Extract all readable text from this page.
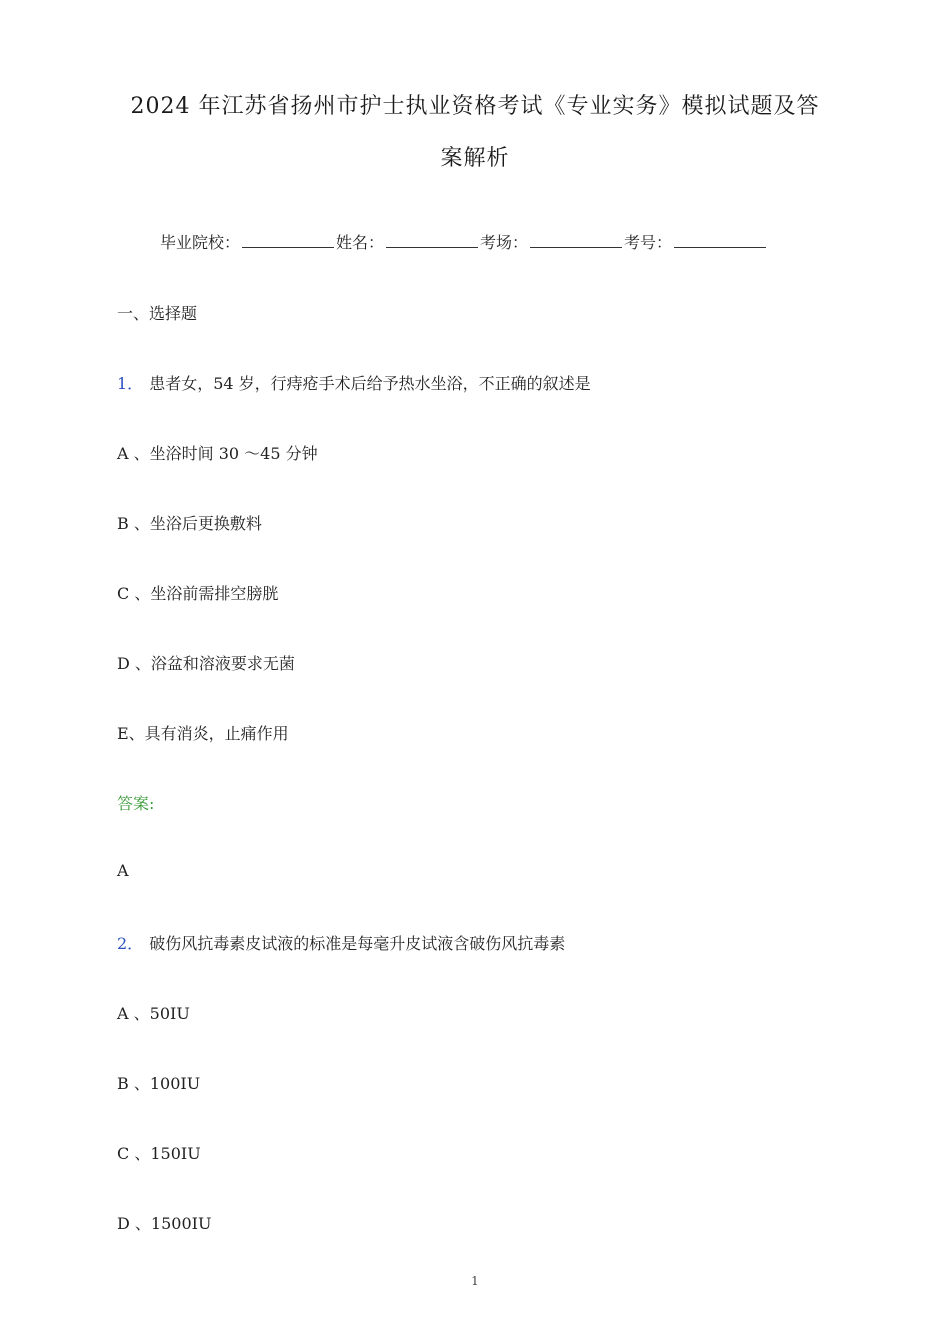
2024 年江苏省扬州市护士执业资格考试《专业实务》模拟试题及答
案解析
毕业院校：	姓名：	考场：	考号：
一、选择题
1． 患者女，54 岁，行痔疮手术后给予热水坐浴，不正确的叙述是
A 、坐浴时间 30 ～45 分钟
B 、坐浴后更换敷料
C 、坐浴前需排空膀胱
D 、浴盆和溶液要求无菌
E、具有消炎，止痛作用
答案:
A
2． 破伤风抗毒素皮试液的标准是每毫升皮试液含破伤风抗毒素
A 、50IU
B 、100IU
C 、150IU
D 、1500IU
1
